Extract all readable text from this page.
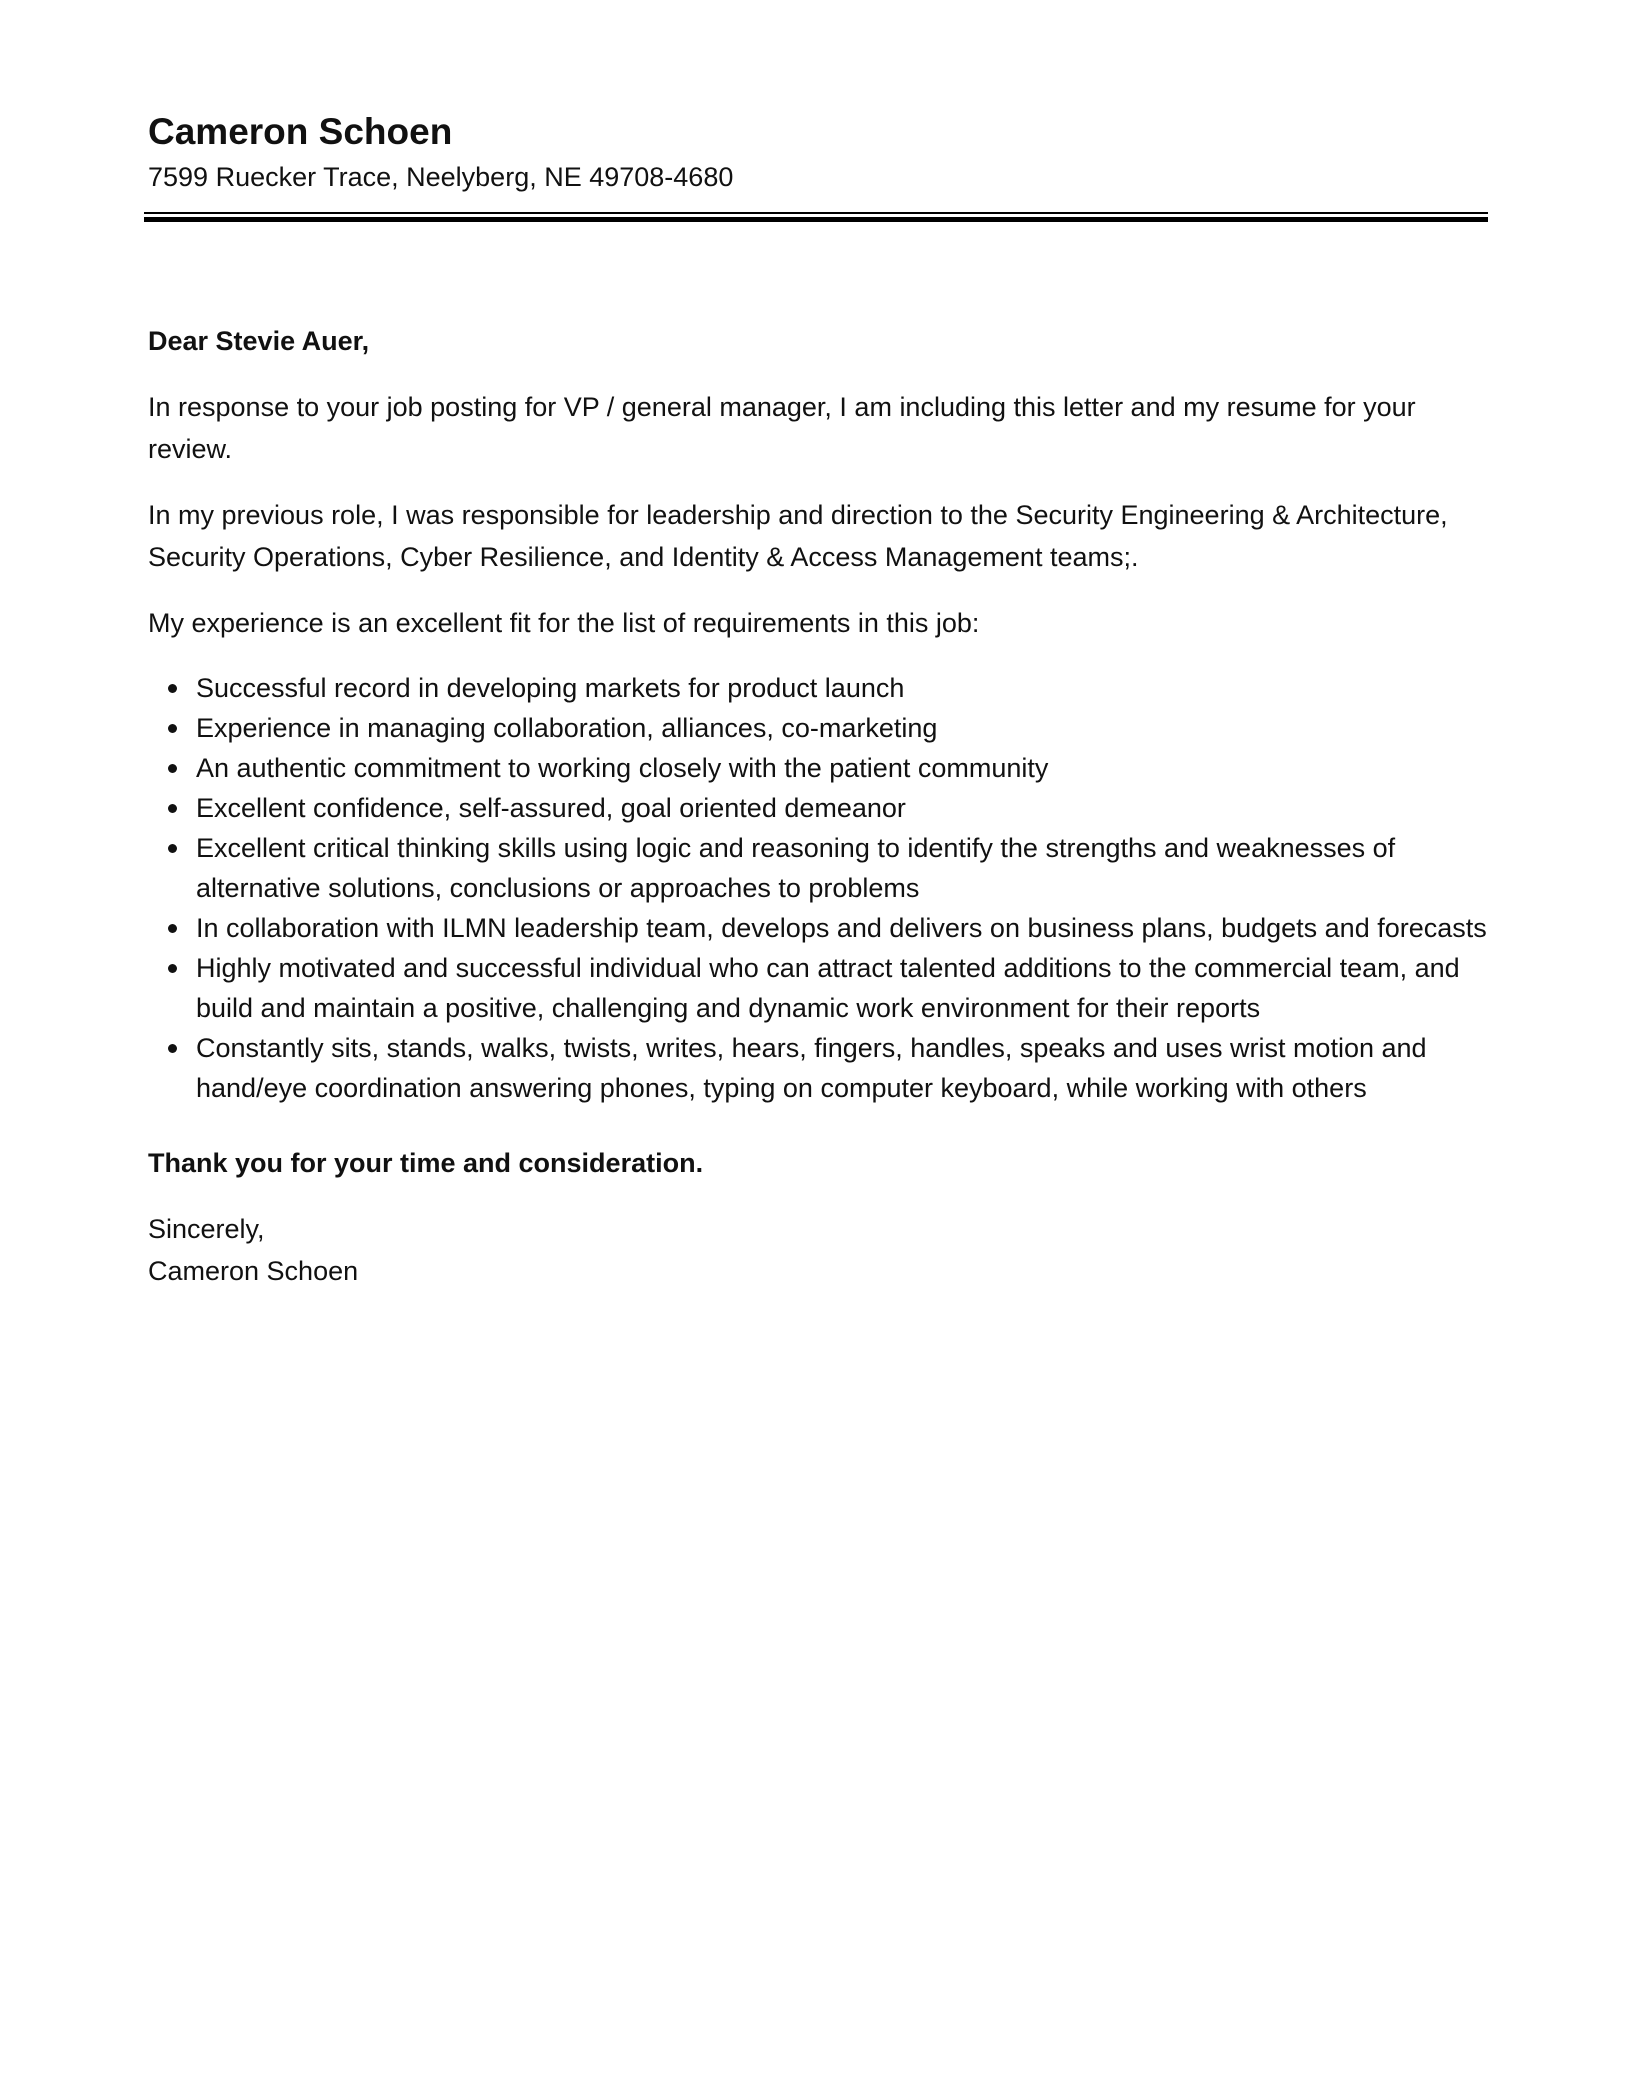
Cameron Schoen
7599 Ruecker Trace, Neelyberg, NE 49708-4680

Dear Stevie Auer,

In response to your job posting for VP / general manager, I am including this letter and my resume for your review.

In my previous role, I was responsible for leadership and direction to the Security Engineering & Architecture, Security Operations, Cyber Resilience, and Identity & Access Management teams;.

My experience is an excellent fit for the list of requirements in this job:

Successful record in developing markets for product launch
Experience in managing collaboration, alliances, co-marketing
An authentic commitment to working closely with the patient community
Excellent confidence, self-assured, goal oriented demeanor
Excellent critical thinking skills using logic and reasoning to identify the strengths and weaknesses of alternative solutions, conclusions or approaches to problems
In collaboration with ILMN leadership team, develops and delivers on business plans, budgets and forecasts
Highly motivated and successful individual who can attract talented additions to the commercial team, and build and maintain a positive, challenging and dynamic work environment for their reports
Constantly sits, stands, walks, twists, writes, hears, fingers, handles, speaks and uses wrist motion and hand/eye coordination answering phones, typing on computer keyboard, while working with others

Thank you for your time and consideration.

Sincerely,

Cameron Schoen
